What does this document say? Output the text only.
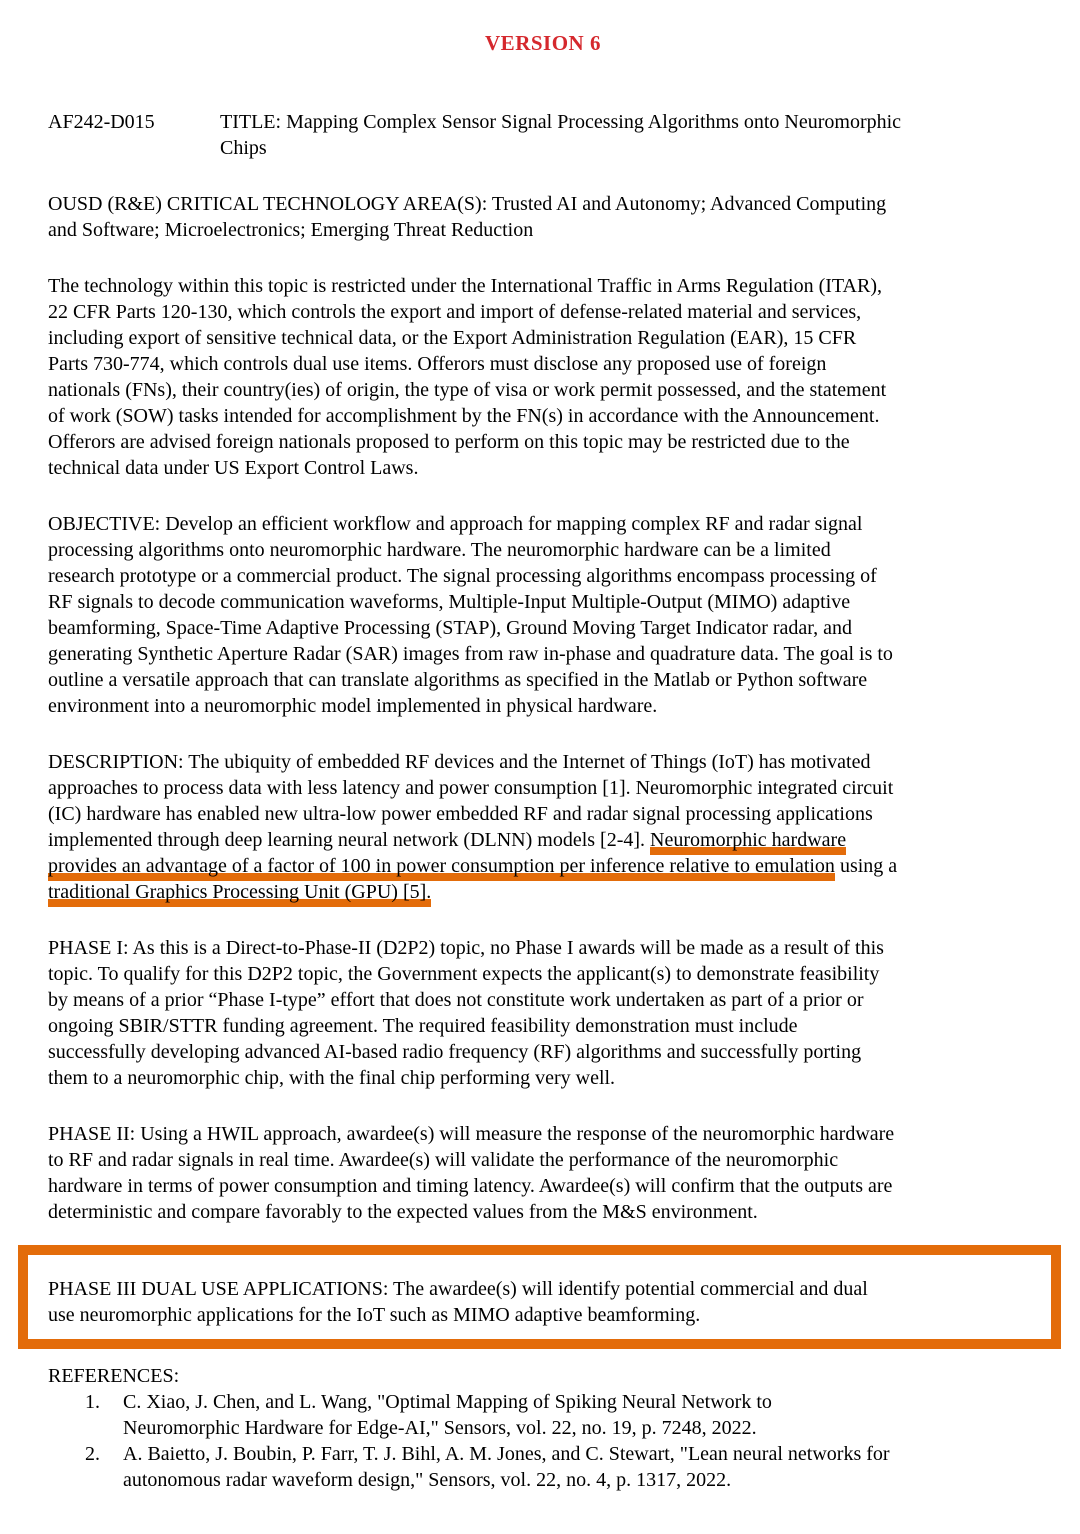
VERSION 6
AF242-D015	TITLE: Mapping Complex Sensor Signal Processing Algorithms onto Neuromorphic
Chips
OUSD (R&E) CRITICAL TECHNOLOGY AREA(S): Trusted AI and Autonomy; Advanced Computing
and Software; Microelectronics; Emerging Threat Reduction
The technology within this topic is restricted under the International Traffic in Arms Regulation (ITAR),
22 CFR Parts 120-130, which controls the export and import of defense-related material and services,
including export of sensitive technical data, or the Export Administration Regulation (EAR), 15 CFR
Parts 730-774, which controls dual use items. Offerors must disclose any proposed use of foreign
nationals (FNs), their country(ies) of origin, the type of visa or work permit possessed, and the statement
of work (SOW) tasks intended for accomplishment by the FN(s) in accordance with the Announcement.
Offerors are advised foreign nationals proposed to perform on this topic may be restricted due to the
technical data under US Export Control Laws.
OBJECTIVE: Develop an efficient workflow and approach for mapping complex RF and radar signal
processing algorithms onto neuromorphic hardware. The neuromorphic hardware can be a limited
research prototype or a commercial product. The signal processing algorithms encompass processing of
RF signals to decode communication waveforms, Multiple-Input Multiple-Output (MIMO) adaptive
beamforming, Space-Time Adaptive Processing (STAP), Ground Moving Target Indicator radar, and
generating Synthetic Aperture Radar (SAR) images from raw in-phase and quadrature data. The goal is to
outline a versatile approach that can translate algorithms as specified in the Matlab or Python software
environment into a neuromorphic model implemented in physical hardware.
DESCRIPTION: The ubiquity of embedded RF devices and the Internet of Things (IoT) has motivated
approaches to process data with less latency and power consumption [1]. Neuromorphic integrated circuit
(IC) hardware has enabled new ultra-low power embedded RF and radar signal processing applications
implemented through deep learning neural network (DLNN) models [2-4]. Neuromorphic hardware
provides an advantage of a factor of 100 in power consumption per inference relative to emulation using a
traditional Graphics Processing Unit (GPU) [5].
PHASE I: As this is a Direct-to-Phase-II (D2P2) topic, no Phase I awards will be made as a result of this
topic. To qualify for this D2P2 topic, the Government expects the applicant(s) to demonstrate feasibility
by means of a prior “Phase I-type” effort that does not constitute work undertaken as part of a prior or
ongoing SBIR/STTR funding agreement. The required feasibility demonstration must include
successfully developing advanced AI-based radio frequency (RF) algorithms and successfully porting
them to a neuromorphic chip, with the final chip performing very well.
PHASE II: Using a HWIL approach, awardee(s) will measure the response of the neuromorphic hardware
to RF and radar signals in real time. Awardee(s) will validate the performance of the neuromorphic
hardware in terms of power consumption and timing latency. Awardee(s) will confirm that the outputs are
deterministic and compare favorably to the expected values from the M&S environment.
PHASE III DUAL USE APPLICATIONS: The awardee(s) will identify potential commercial and dual
use neuromorphic applications for the IoT such as MIMO adaptive beamforming.
REFERENCES:
1.	C. Xiao, J. Chen, and L. Wang, "Optimal Mapping of Spiking Neural Network to
Neuromorphic Hardware for Edge-AI," Sensors, vol. 22, no. 19, p. 7248, 2022.
2.	A. Baietto, J. Boubin, P. Farr, T. J. Bihl, A. M. Jones, and C. Stewart, "Lean neural networks for
autonomous radar waveform design," Sensors, vol. 22, no. 4, p. 1317, 2022.
